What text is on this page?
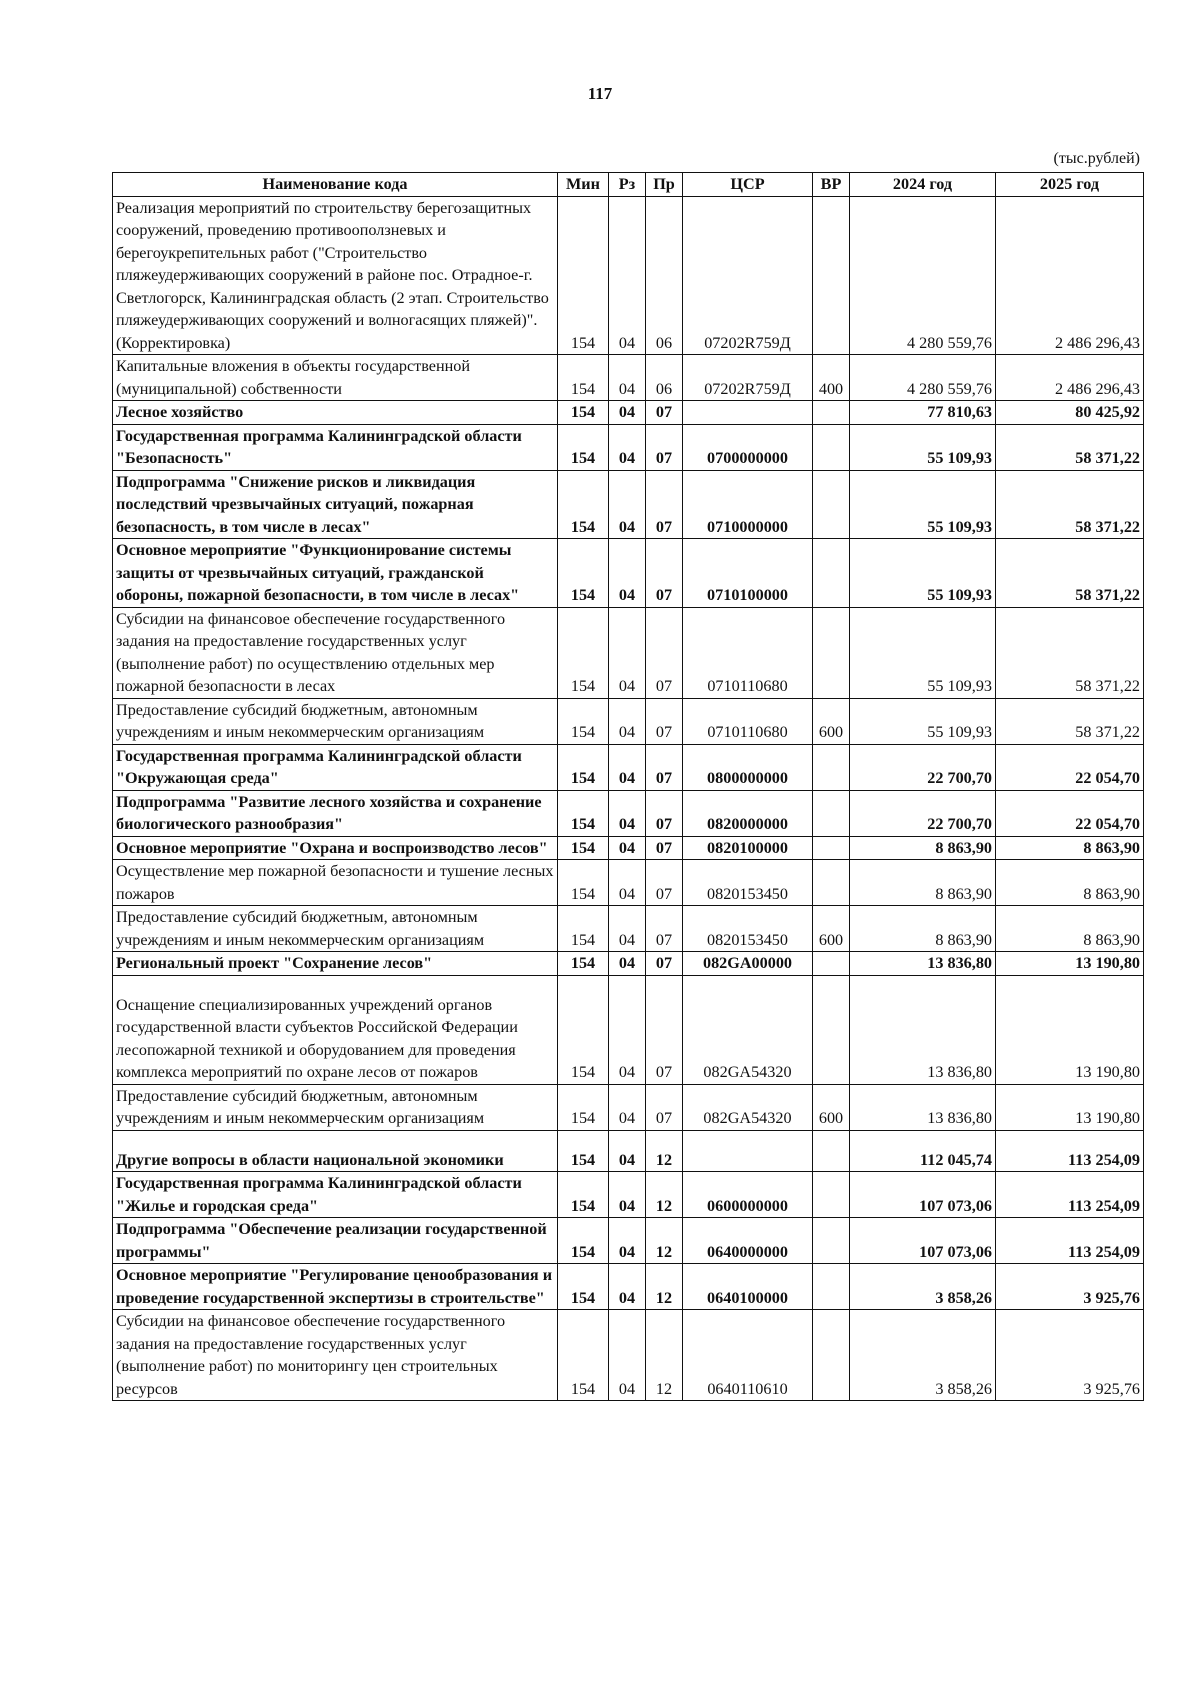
117
(тыс.рублей)
Наименование кода	Мин	Рз	Пр	ЦСР	ВР	2024 год	2025 год
Реализация мероприятий по строительству берегозащитных сооружений, проведению противооползневых и берегоукрепительных работ ("Строительство пляжеудерживающих сооружений в районе пос. Отрадное-г. Светлогорск, Калининградская область (2 этап. Строительство пляжеудерживающих сооружений и волногасящих пляжей)". (Корректировка)	154	04	06	07202R759Д		4 280 559,76	2 486 296,43
Капитальные вложения в объекты государственной (муниципальной) собственности	154	04	06	07202R759Д	400	4 280 559,76	2 486 296,43
Лесное хозяйство	154	04	07			77 810,63	80 425,92
Государственная программа Калининградской области "Безопасность"	154	04	07	0700000000		55 109,93	58 371,22
Подпрограмма "Снижение рисков и ликвидация последствий чрезвычайных ситуаций, пожарная безопасность, в том числе в лесах"	154	04	07	0710000000		55 109,93	58 371,22
Основное мероприятие "Функционирование системы защиты от чрезвычайных ситуаций, гражданской обороны, пожарной безопасности, в том числе в лесах"	154	04	07	0710100000		55 109,93	58 371,22
Субсидии на финансовое обеспечение государственного задания на предоставление государственных услуг (выполнение работ) по осуществлению отдельных мер пожарной безопасности в лесах	154	04	07	0710110680		55 109,93	58 371,22
Предоставление субсидий бюджетным, автономным учреждениям и иным некоммерческим организациям	154	04	07	0710110680	600	55 109,93	58 371,22
Государственная программа Калининградской области "Окружающая среда"	154	04	07	0800000000		22 700,70	22 054,70
Подпрограмма "Развитие лесного хозяйства и сохранение биологического разнообразия"	154	04	07	0820000000		22 700,70	22 054,70
Основное мероприятие "Охрана и воспроизводство лесов"	154	04	07	0820100000		8 863,90	8 863,90
Осуществление мер пожарной безопасности и тушение лесных пожаров	154	04	07	0820153450		8 863,90	8 863,90
Предоставление субсидий бюджетным, автономным учреждениям и иным некоммерческим организациям	154	04	07	0820153450	600	8 863,90	8 863,90
Региональный проект "Сохранение лесов"	154	04	07	082GA00000		13 836,80	13 190,80
Оснащение специализированных учреждений органов государственной власти субъектов Российской Федерации лесопожарной техникой и оборудованием для проведения комплекса мероприятий по охране лесов от пожаров	154	04	07	082GA54320		13 836,80	13 190,80
Предоставление субсидий бюджетным, автономным учреждениям и иным некоммерческим организациям	154	04	07	082GA54320	600	13 836,80	13 190,80
Другие вопросы в области национальной экономики	154	04	12			112 045,74	113 254,09
Государственная программа Калининградской области "Жилье и городская среда"	154	04	12	0600000000		107 073,06	113 254,09
Подпрограмма "Обеспечение реализации государственной программы"	154	04	12	0640000000		107 073,06	113 254,09
Основное мероприятие "Регулирование ценообразования и проведение государственной экспертизы в строительстве"	154	04	12	0640100000		3 858,26	3 925,76
Субсидии на финансовое обеспечение государственного задания на предоставление государственных услуг (выполнение работ) по мониторингу цен строительных ресурсов	154	04	12	0640110610		3 858,26	3 925,76
